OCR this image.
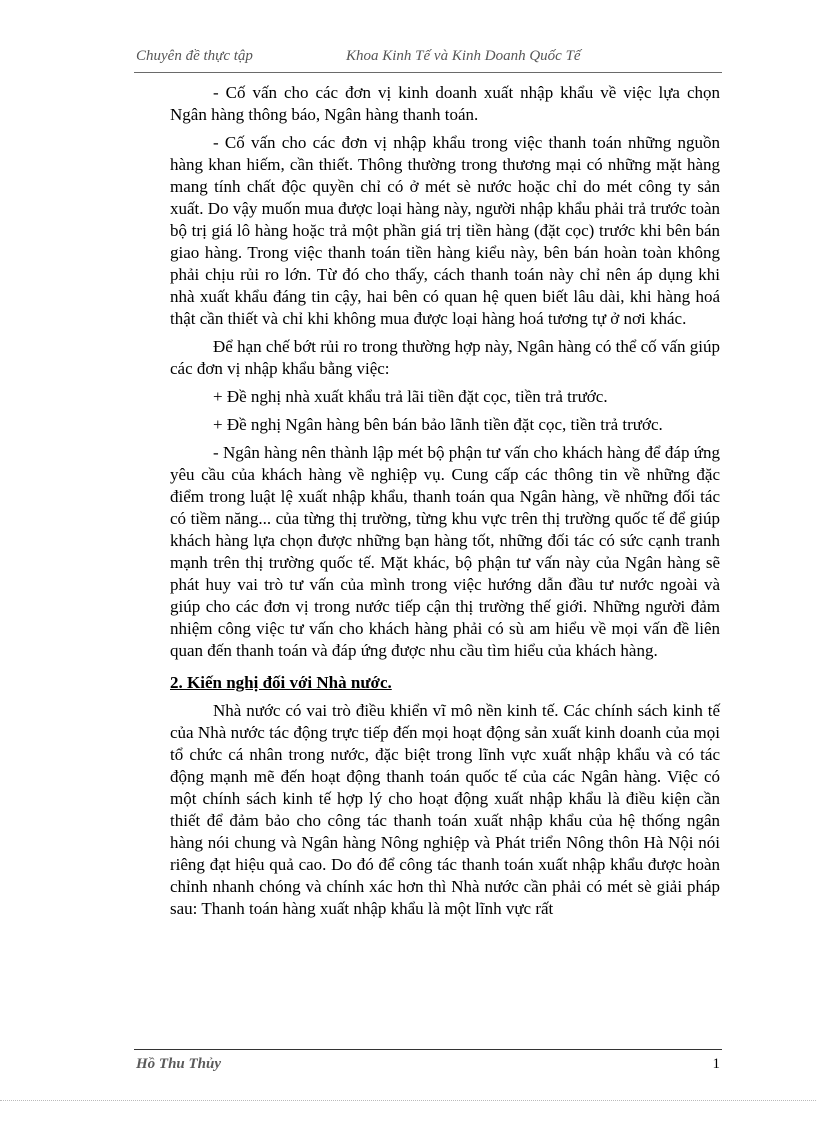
Chuyên đề thực tập	Khoa Kinh Tế và Kinh Doanh Quốc Tế

- Cố vấn cho các đơn vị kinh doanh xuất nhập khẩu về việc lựa chọn Ngân hàng thông báo, Ngân hàng thanh toán.

- Cố vấn cho các đơn vị nhập khẩu trong việc thanh toán những nguồn hàng khan hiếm, cần thiết. Thông thường trong thương mại có những mặt hàng mang tính chất độc quyền chỉ có ở mét sè nước hoặc chỉ do mét công ty sản xuất. Do vậy muốn mua được loại hàng này, người nhập khẩu phải trả trước toàn bộ trị giá lô hàng hoặc trả một phần giá trị tiền hàng (đặt cọc) trước khi bên bán giao hàng. Trong việc thanh toán tiền hàng kiểu này, bên bán hoàn toàn không phải chịu rủi ro lớn. Từ đó cho thấy, cách thanh toán này chỉ nên áp dụng khi nhà xuất khẩu đáng tin cậy, hai bên có quan hệ quen biết lâu dài, khi hàng hoá thật cần thiết và chỉ khi không mua được loại hàng hoá tương tự ở nơi khác.

Để hạn chế bớt rủi ro trong thường hợp này, Ngân hàng có thể cố vấn giúp các đơn vị nhập khẩu bằng việc:

+ Đề nghị nhà xuất khẩu trả lãi tiền đặt cọc, tiền trả trước.

+ Đề nghị Ngân hàng bên bán bảo lãnh tiền đặt cọc, tiền trả trước.

- Ngân hàng nên thành lập mét bộ phận tư vấn cho khách hàng để đáp ứng yêu cầu của khách hàng về nghiệp vụ. Cung cấp các thông tin về những đặc điểm trong luật lệ xuất nhập khẩu, thanh toán qua Ngân hàng, về những đối tác có tiềm năng... của từng thị trường, từng khu vực trên thị trường quốc tế để giúp khách hàng lựa chọn được những bạn hàng tốt, những đối tác có sức cạnh tranh mạnh trên thị trường quốc tế. Mặt khác, bộ phận tư vấn này của Ngân hàng sẽ phát huy vai trò tư vấn của mình trong việc hướng dẫn đầu tư nước ngoài và giúp cho các đơn vị trong nước tiếp cận thị trường thế giới. Những người đảm nhiệm công việc tư vấn cho khách hàng phải có sù am hiểu về mọi vấn đề liên quan đến thanh toán và đáp ứng được nhu cầu tìm hiểu của khách hàng.

2. Kiến nghị đối với Nhà nước.

Nhà nước có vai trò điều khiển vĩ mô nền kinh tế. Các chính sách kinh tế của Nhà nước tác động trực tiếp đến mọi hoạt động sản xuất kinh doanh của mọi tổ chức cá nhân trong nước, đặc biệt trong lĩnh vực xuất nhập khẩu và có tác động mạnh mẽ đến hoạt động thanh toán quốc tế của các Ngân hàng. Việc có một chính sách kinh tế hợp lý cho hoạt động xuất nhập khẩu là điều kiện cần thiết để đảm bảo cho công tác thanh toán xuất nhập khẩu của hệ thống ngân hàng nói chung và Ngân hàng Nông nghiệp và Phát triển Nông thôn Hà Nội nói riêng đạt hiệu quả cao. Do đó để công tác thanh toán xuất nhập khẩu được hoàn chỉnh nhanh chóng và chính xác hơn thì Nhà nước cần phải có mét sè giải pháp sau: Thanh toán hàng xuất nhập khẩu là một lĩnh vực rất

Hồ Thu Thủy	1
